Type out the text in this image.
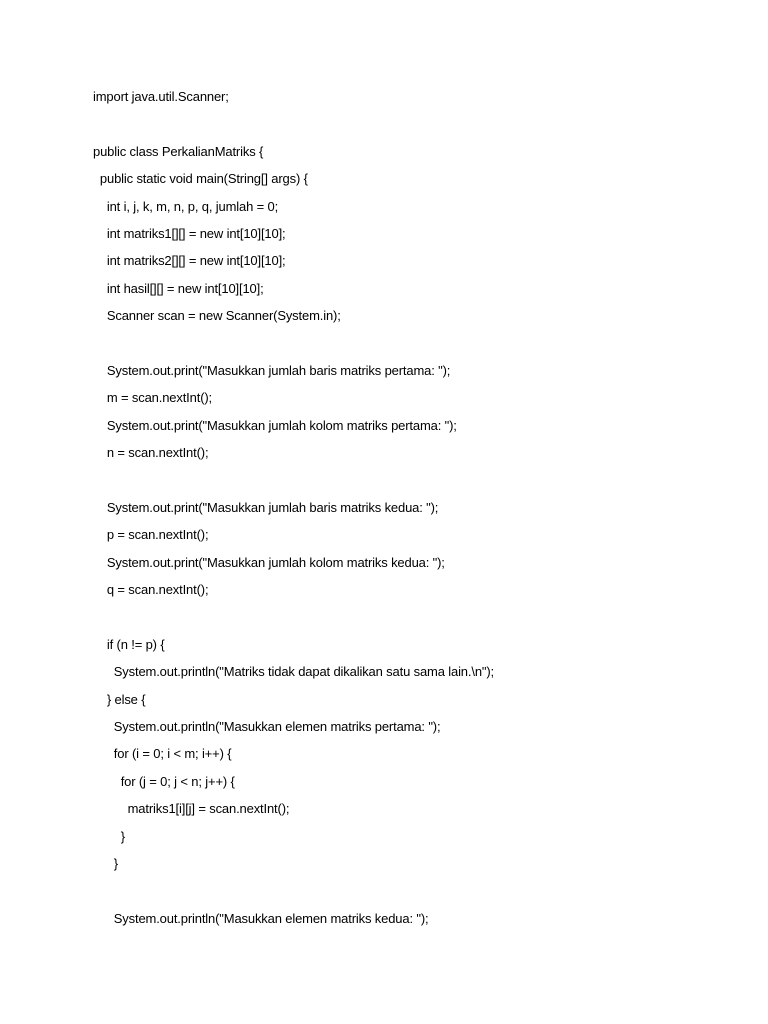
import java.util.Scanner;
public class PerkalianMatriks {
public static void main(String[] args) {
int i, j, k, m, n, p, q, jumlah = 0;
int matriks1[][] = new int[10][10];
int matriks2[][] = new int[10][10];
int hasil[][] = new int[10][10];
Scanner scan = new Scanner(System.in);
System.out.print("Masukkan jumlah baris matriks pertama: ");
m = scan.nextInt();
System.out.print("Masukkan jumlah kolom matriks pertama: ");
n = scan.nextInt();
System.out.print("Masukkan jumlah baris matriks kedua: ");
p = scan.nextInt();
System.out.print("Masukkan jumlah kolom matriks kedua: ");
q = scan.nextInt();
if (n != p) {
System.out.println("Matriks tidak dapat dikalikan satu sama lain.\n");
} else {
System.out.println("Masukkan elemen matriks pertama: ");
for (i = 0; i < m; i++) {
for (j = 0; j < n; j++) {
matriks1[i][j] = scan.nextInt();
}
}
System.out.println("Masukkan elemen matriks kedua: ");
